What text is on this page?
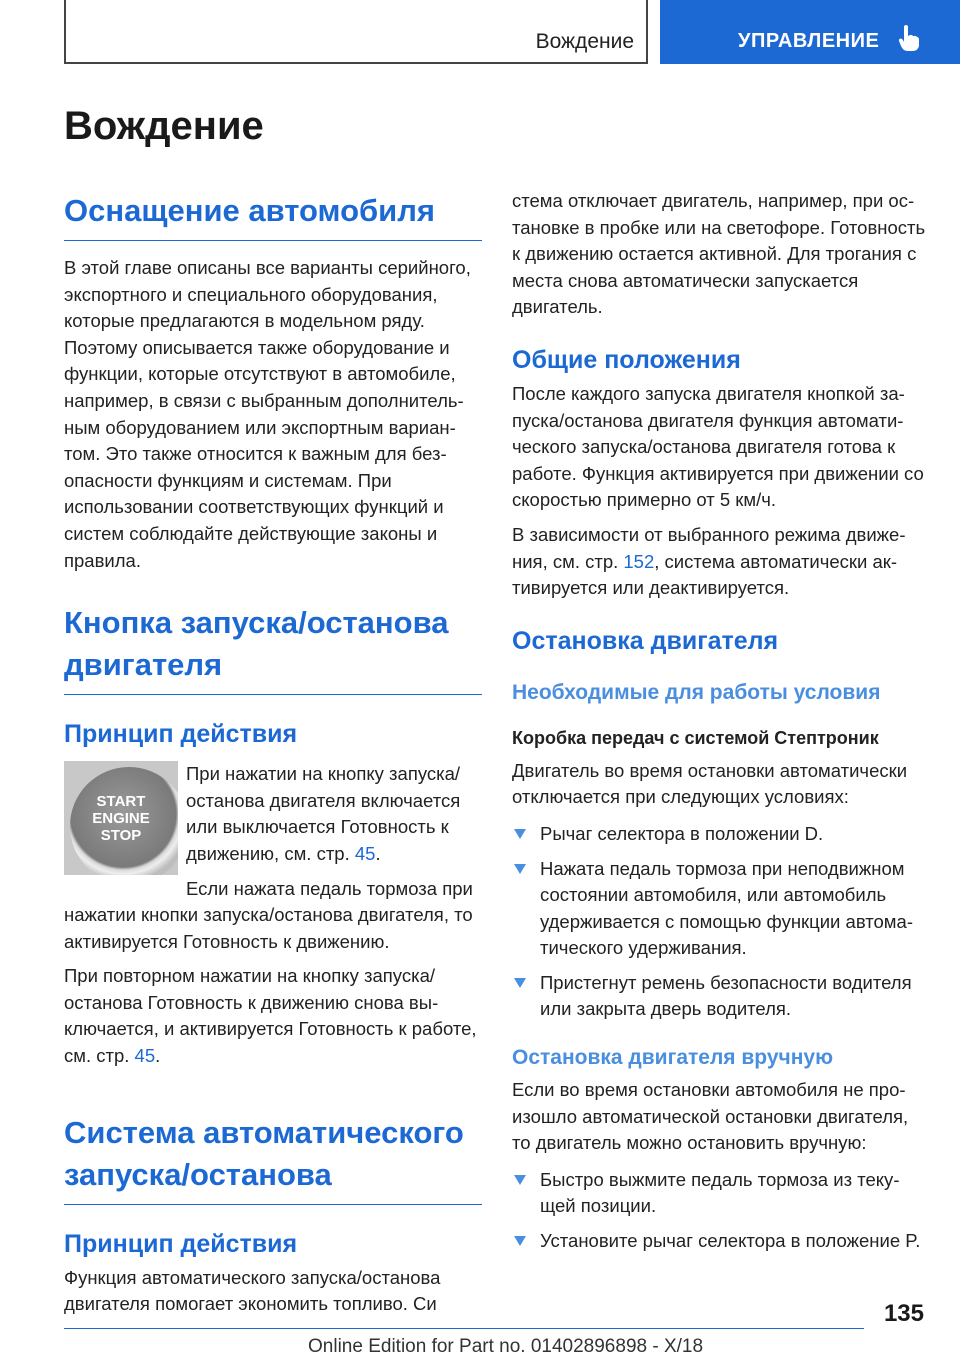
Вождение	УПРАВЛЕНИЕ
Вождение
Оснащение автомобиля

В этой главе описаны все варианты серийного, экспортного и специального оборудования, которые предлагаются в модельном ряду. Поэтому описывается также оборудование и функции, которые отсутствуют в автомобиле, например, в связи с выбранным дополнительным оборудованием или экспортным вариантом. Это также относится к важным для безопасности функциям и системам. При использовании соответствующих функций и систем соблюдайте действующие законы и правила.

Кнопка запуска/останова двигателя
Принцип действия
START ENGINE STOP

При нажатии на кнопку запуска/ останова двигателя включается или выключается Готовность к движению, см. стр. 45.

Если нажата педаль тормоза при нажатии кнопки запуска/останова двигателя, то активируется Готовность к движению.

При повторном нажатии на кнопку запуска/ останова Готовность к движению снова выключается, и активируется Готовность к работе, см. стр. 45.

Система автоматического запуска/останова
Принцип действия

Функция автоматического запуска/останова двигателя помогает экономить топливо. Си

стема отключает двигатель, например, при остановке в пробке или на светофоре. Готовность к движению остается активной. Для трогания с места снова автоматически запускается двигатель.

Общие положения

После каждого запуска двигателя кнопкой запуска/останова двигателя функция автоматического запуска/останова двигателя готова к работе. Функция активируется при движении со скоростью примерно от 5 км/ч.

В зависимости от выбранного режима движения, см. стр. 152, система автоматически активируется или деактивируется.

Остановка двигателя
Необходимые для работы условия
Коробка передач с системой Стептроник

Двигатель во время остановки автоматически отключается при следующих условиях:

Рычаг селектора в положении D.
Нажата педаль тормоза при неподвижном состоянии автомобиля, или автомобиль удерживается с помощью функции автоматического удерживания.
Пристегнут ремень безопасности водителя или закрыта дверь водителя.
Остановка двигателя вручную

Если во время остановки автомобиля не произошло автоматической остановки двигателя, то двигатель можно остановить вручную:

Быстро выжмите педаль тормоза из текущей позиции.
Установите рычаг селектора в положение P.
135
Online Edition for Part no. 01402896898 - X/18
